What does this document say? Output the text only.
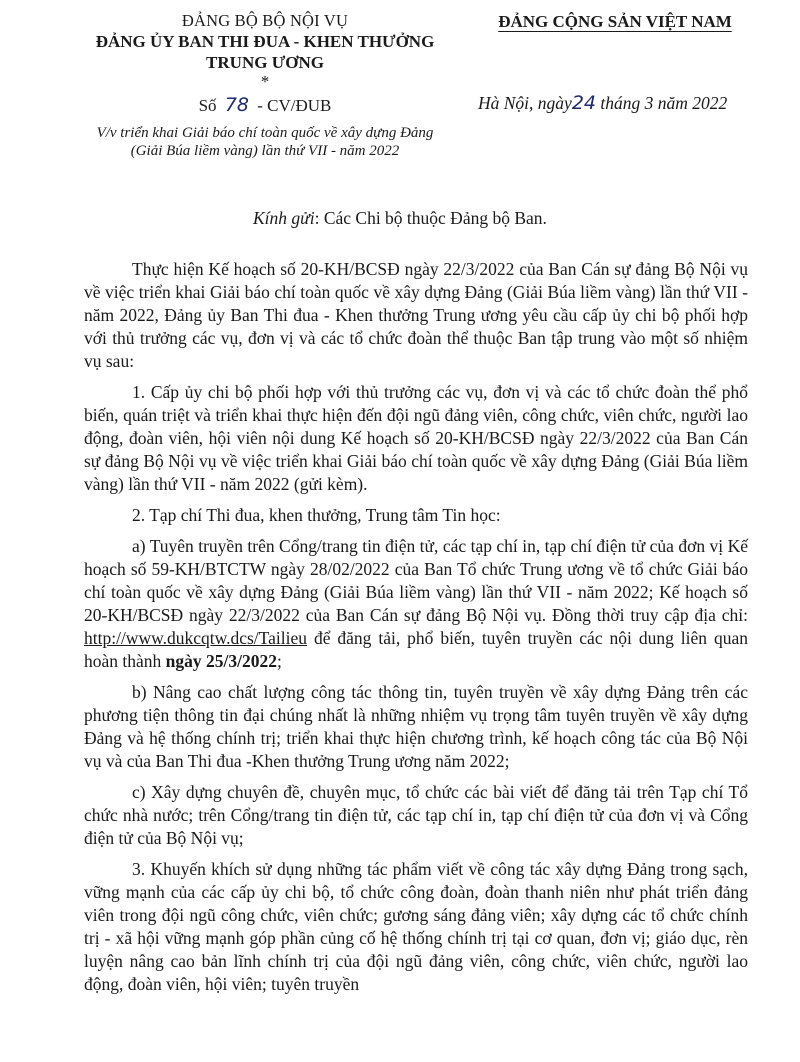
ĐẢNG BỘ BỘ NỘI VỤ
ĐẢNG ỦY BAN THI ĐUA - KHEN THƯỞNG
TRUNG ƯƠNG
*
Số 78 - CV/ĐUB
V/v triển khai Giải báo chí toàn quốc về xây dựng Đảng
(Giải Búa liềm vàng) lần thứ VII - năm 2022
ĐẢNG CỘNG SẢN VIỆT NAM
Hà Nội, ngày24 tháng 3 năm 2022
Kính gửi: Các Chi bộ thuộc Đảng bộ Ban.

Thực hiện Kế hoạch số 20-KH/BCSĐ ngày 22/3/2022 của Ban Cán sự đảng Bộ Nội vụ về việc triển khai Giải báo chí toàn quốc về xây dựng Đảng (Giải Búa liềm vàng) lần thứ VII - năm 2022, Đảng ủy Ban Thi đua - Khen thưởng Trung ương yêu cầu cấp ủy chi bộ phối hợp với thủ trưởng các vụ, đơn vị và các tổ chức đoàn thể thuộc Ban tập trung vào một số nhiệm vụ sau:

1. Cấp ủy chi bộ phối hợp với thủ trưởng các vụ, đơn vị và các tổ chức đoàn thể phổ biến, quán triệt và triển khai thực hiện đến đội ngũ đảng viên, công chức, viên chức, người lao động, đoàn viên, hội viên nội dung Kế hoạch số 20-KH/BCSĐ ngày 22/3/2022 của Ban Cán sự đảng Bộ Nội vụ về việc triển khai Giải báo chí toàn quốc về xây dựng Đảng (Giải Búa liềm vàng) lần thứ VII - năm 2022 (gửi kèm).

2. Tạp chí Thi đua, khen thưởng, Trung tâm Tin học:

a) Tuyên truyền trên Cổng/trang tin điện tử, các tạp chí in, tạp chí điện tử của đơn vị Kế hoạch số 59-KH/BTCTW ngày 28/02/2022 của Ban Tổ chức Trung ương về tổ chức Giải báo chí toàn quốc về xây dựng Đảng (Giải Búa liềm vàng) lần thứ VII - năm 2022; Kế hoạch số 20-KH/BCSĐ ngày 22/3/2022 của Ban Cán sự đảng Bộ Nội vụ. Đồng thời truy cập địa chỉ: http://www.dukcqtw.dcs/Tailieu để đăng tải, phổ biến, tuyên truyền các nội dung liên quan hoàn thành ngày 25/3/2022;

b) Nâng cao chất lượng công tác thông tin, tuyên truyền về xây dựng Đảng trên các phương tiện thông tin đại chúng nhất là những nhiệm vụ trọng tâm tuyên truyền về xây dựng Đảng và hệ thống chính trị; triển khai thực hiện chương trình, kế hoạch công tác của Bộ Nội vụ và của Ban Thi đua -Khen thưởng Trung ương năm 2022;

c) Xây dựng chuyên đề, chuyên mục, tổ chức các bài viết để đăng tải trên Tạp chí Tổ chức nhà nước; trên Cổng/trang tin điện tử, các tạp chí in, tạp chí điện tử của đơn vị và Cổng điện tử của Bộ Nội vụ;

3. Khuyến khích sử dụng những tác phẩm viết về công tác xây dựng Đảng trong sạch, vững mạnh của các cấp ủy chi bộ, tổ chức công đoàn, đoàn thanh niên như phát triển đảng viên trong đội ngũ công chức, viên chức; gương sáng đảng viên; xây dựng các tổ chức chính trị - xã hội vững mạnh góp phần củng cố hệ thống chính trị tại cơ quan, đơn vị; giáo dục, rèn luyện nâng cao bản lĩnh chính trị của đội ngũ đảng viên, công chức, viên chức, người lao động, đoàn viên, hội viên; tuyên truyền
